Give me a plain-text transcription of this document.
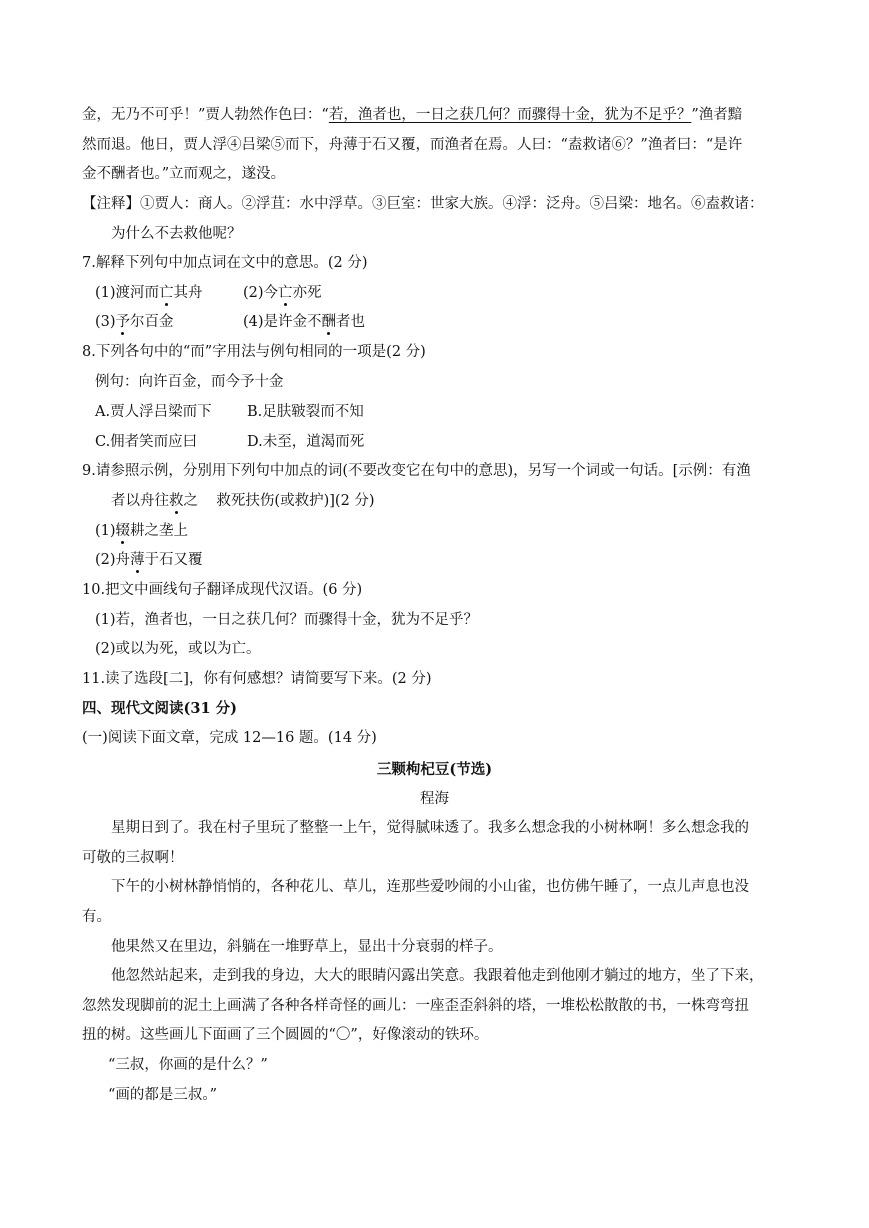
金，无乃不可乎！”贾人勃然作色曰：“若，渔者也，一日之获几何？而骤得十金，犹为不足乎？”渔者黯
然而退。他日，贾人浮④吕梁⑤而下，舟薄于石又覆，而渔者在焉。人曰：“盍救诸⑥？”渔者曰：“是许
金不酬者也。”立而观之，遂没。
【注释】①贾人：商人。②浮苴：水中浮草。③巨室：世家大族。④浮：泛舟。⑤吕梁：地名。⑥盍救诸：
为什么不去救他呢？
7.解释下列句中加点词在文中的意思。(2 分)
(1)渡河而亡其舟	(2)今亡亦死
(3)予尔百金	(4)是许金不酬者也
8.下列各句中的“而”字用法与例句相同的一项是(2 分)
例句：向许百金，而今予十金
A.贾人浮吕梁而下 B.足肤皲裂而不知
C.佣者笑而应曰	D.未至，道渴而死
9.请参照示例，分别用下列句中加点的词(不要改变它在句中的意思)，另写一个词或一句话。[示例：有渔
者以舟往救之    救死扶伤(或救护)](2 分)
(1)辍耕之垄上
(2)舟薄于石又覆
10.把文中画线句子翻译成现代汉语。(6 分)
(1)若，渔者也，一日之获几何？而骤得十金，犹为不足乎？
(2)或以为死，或以为亡。
11.读了选段[二]，你有何感想？请简要写下来。(2 分)
四、现代文阅读(31 分)
(一)阅读下面文章，完成 12—16 题。(14 分)
三颗枸杞豆(节选)
程海
星期日到了。我在村子里玩了整整一上午，觉得腻味透了。我多么想念我的小树林啊！多么想念我的
可敬的三叔啊！
下午的小树林静悄悄的，各种花儿、草儿，连那些爱吵闹的小山雀，也仿佛午睡了，一点儿声息也没
有。
他果然又在里边，斜躺在一堆野草上，显出十分衰弱的样子。
他忽然站起来，走到我的身边，大大的眼睛闪露出笑意。我跟着他走到他刚才躺过的地方，坐了下来，
忽然发现脚前的泥土上画满了各种各样奇怪的画儿：一座歪歪斜斜的塔，一堆松松散散的书，一株弯弯扭
扭的树。这些画儿下面画了三个圆圆的“〇”，好像滚动的铁环。
“三叔，你画的是什么？”
“画的都是三叔。”
